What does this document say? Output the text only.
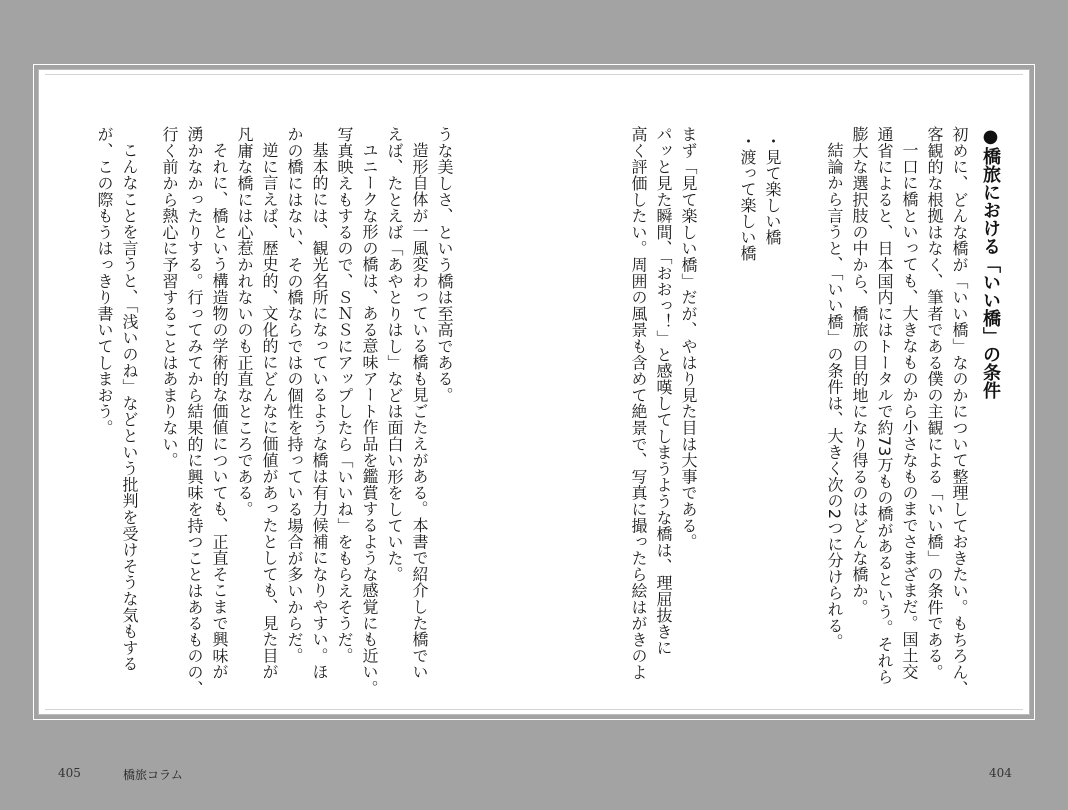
●橋旅における「いい橋」の条件
初めに、どんな橋が「いい橋」なのかについて整理しておきたい。もちろん、
客観的な根拠はなく、筆者である僕の主観による「いい橋」の条件である。
一口に橋といっても、大きなものから小さなものまでさまざまだ。国土交
通省によると、日本国内にはトータルで約73万もの橋があるという。それら
膨大な選択肢の中から、橋旅の目的地になり得るのはどんな橋か。
結論から言うと、「いい橋」の条件は、大きく次の2つに分けられる。
・見て楽しい橋
・渡って楽しい橋
まず「見て楽しい橋」だが、やはり見た目は大事である。
パッと見た瞬間、「おおっ！」と感嘆してしまうような橋は、理屈抜きに
高く評価したい。周囲の風景も含めて絶景で、写真に撮ったら絵はがきのよ
うな美しさ、という橋は至高である。
造形自体が一風変わっている橋も見ごたえがある。本書で紹介した橋でい
えば、たとえば「あやとりはし」などは面白い形をしていた。
ユニークな形の橋は、ある意味アート作品を鑑賞するような感覚にも近い。
写真映えもするので、ＳＮＳにアップしたら「いいね」をもらえそうだ。
基本的には、観光名所になっているような橋は有力候補になりやすい。ほ
かの橋にはない、その橋ならではの個性を持っている場合が多いからだ。
逆に言えば、歴史的、文化的にどんなに価値があったとしても、見た目が
凡庸な橋には心惹かれないのも正直なところである。
それに、橋という構造物の学術的な価値についても、正直そこまで興味が
湧かなかったりする。行ってみてから結果的に興味を持つことはあるものの、
行く前から熱心に予習することはあまりない。
こんなことを言うと、「浅いのね」などという批判を受けそうな気もする
が、この際もうはっきり書いてしまおう。
405	橋旅コラム	404
